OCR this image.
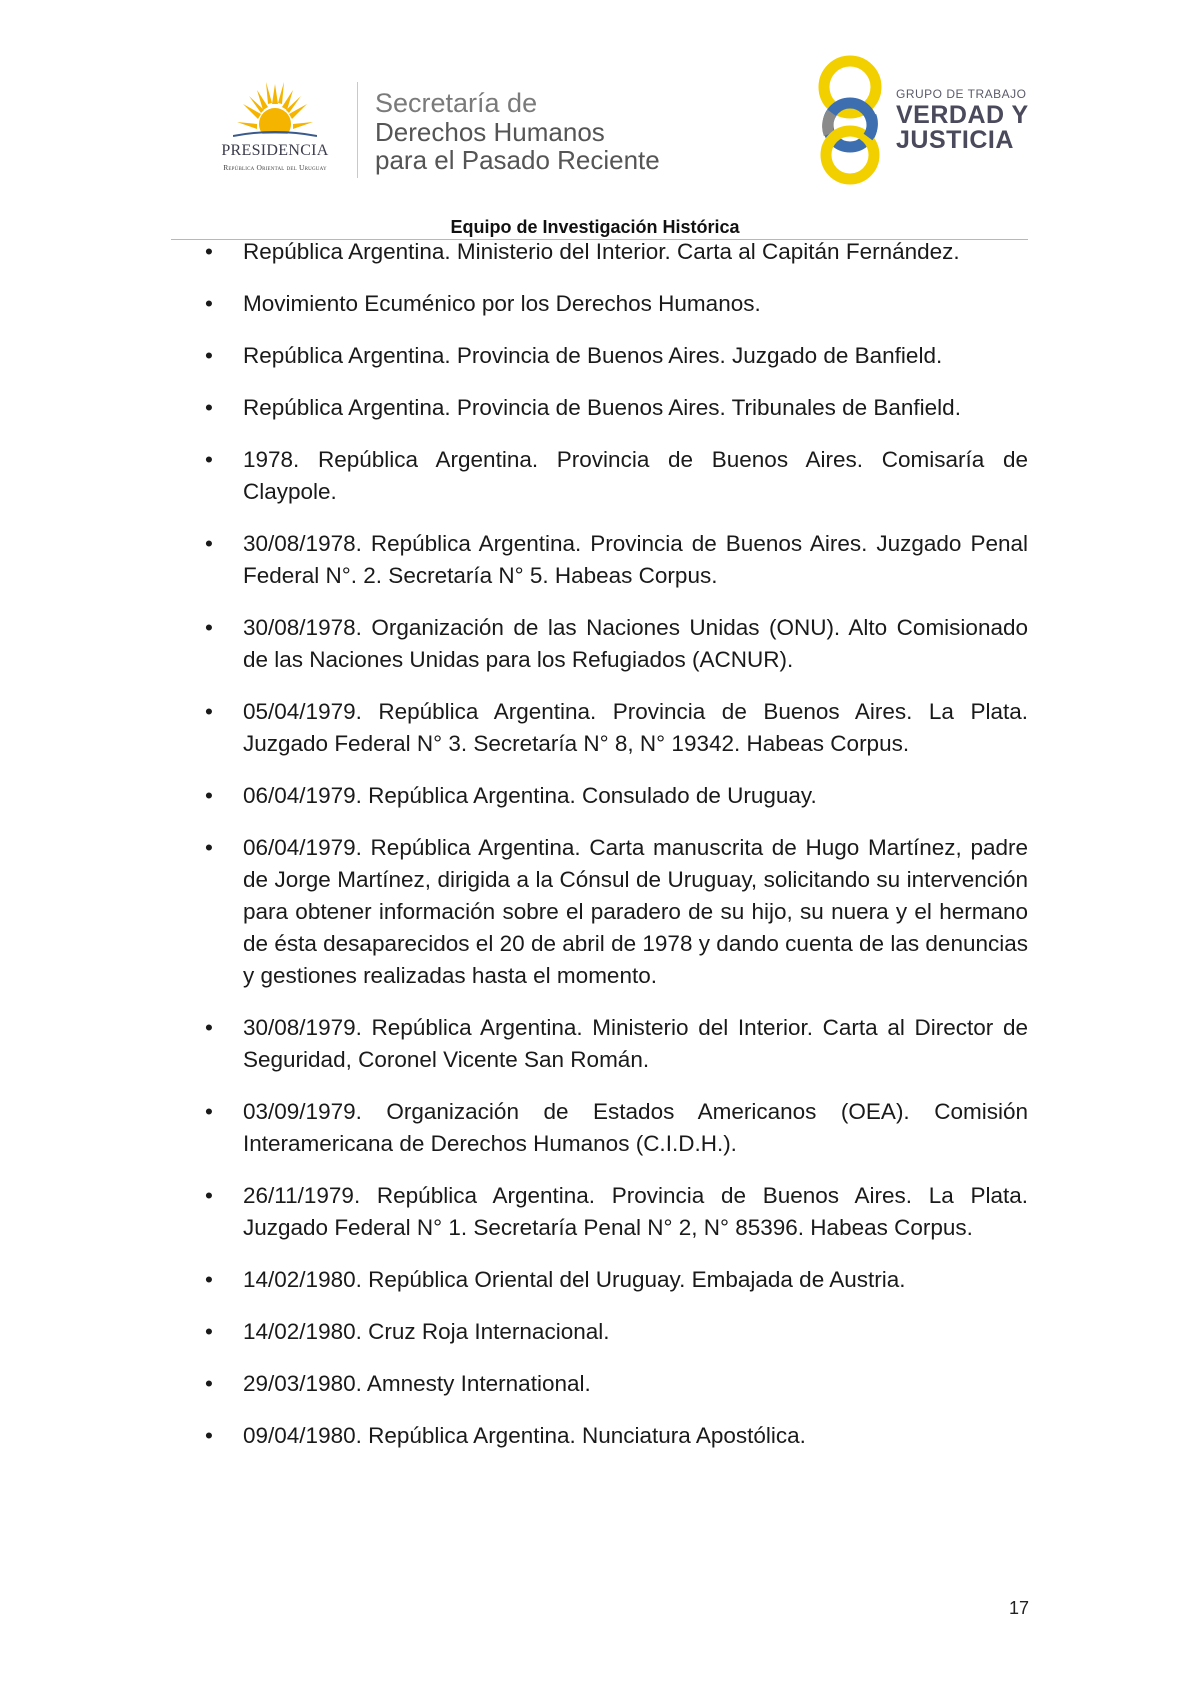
PRESIDENCIA
República Oriental del Uruguay
Secretaría de
Derechos Humanos
para el Pasado Reciente
GRUPO DE TRABAJO
VERDAD Y
JUSTICIA
Equipo de Investigación Histórica
• República Argentina. Ministerio del Interior. Carta al Capitán Fernández.
• Movimiento Ecuménico por los Derechos Humanos.
• República Argentina. Provincia de Buenos Aires. Juzgado de Banfield.
• República Argentina. Provincia de Buenos Aires. Tribunales de Banfield.
• 1978. República Argentina. Provincia de Buenos Aires. Comisaría de Claypole.
• 30/08/1978. República Argentina. Provincia de Buenos Aires. Juzgado Penal Federal N°. 2. Secretaría N° 5. Habeas Corpus.
• 30/08/1978. Organización de las Naciones Unidas (ONU). Alto Comisionado de las Naciones Unidas para los Refugiados (ACNUR).
• 05/04/1979. República Argentina. Provincia de Buenos Aires. La Plata. Juzgado Federal N° 3. Secretaría N° 8, N° 19342. Habeas Corpus.
• 06/04/1979. República Argentina. Consulado de Uruguay.
• 06/04/1979. República Argentina. Carta manuscrita de Hugo Martínez, padre de Jorge Martínez, dirigida a la Cónsul de Uruguay, solicitando su intervención para obtener información sobre el paradero de su hijo, su nuera y el hermano de ésta desaparecidos el 20 de abril de 1978 y dando cuenta de las denuncias y gestiones realizadas hasta el momento.
• 30/08/1979. República Argentina. Ministerio del Interior. Carta al Director de Seguridad, Coronel Vicente San Román.
• 03/09/1979. Organización de Estados Americanos (OEA). Comisión Interamericana de Derechos Humanos (C.I.D.H.).
• 26/11/1979. República Argentina. Provincia de Buenos Aires. La Plata. Juzgado Federal N° 1. Secretaría Penal N° 2, N° 85396. Habeas Corpus.
• 14/02/1980. República Oriental del Uruguay. Embajada de Austria.
• 14/02/1980. Cruz Roja Internacional.
• 29/03/1980. Amnesty International.
• 09/04/1980. República Argentina. Nunciatura Apostólica.
17
